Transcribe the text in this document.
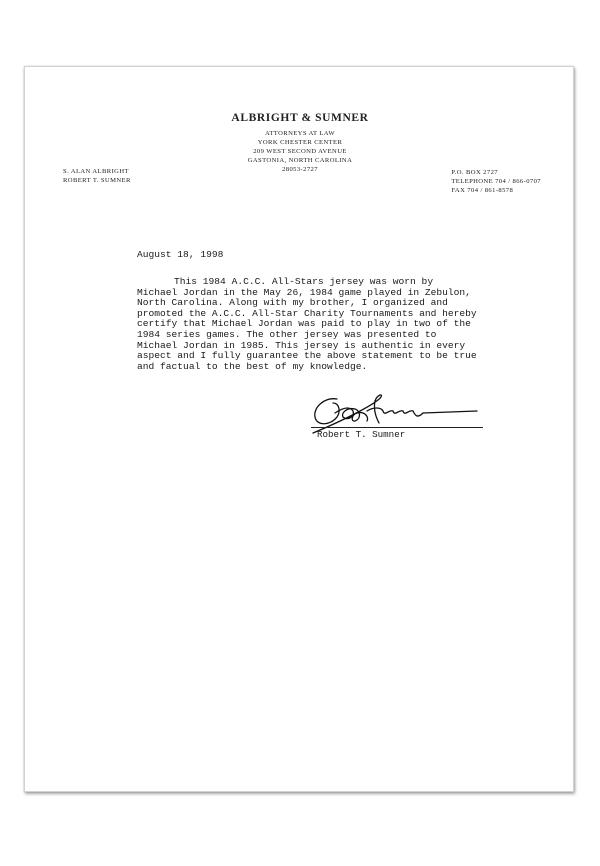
ALBRIGHT & SUMNER
ATTORNEYS AT LAW
YORK CHESTER CENTER
209 WEST SECOND AVENUE
GASTONIA, NORTH CAROLINA
28053-2727
S. ALAN ALBRIGHT
ROBERT T. SUMNER
P.O. BOX 2727
TELEPHONE 704 / 866-0707
FAX 704 / 861-8578
August 18, 1998
This 1984 A.C.C. All-Stars jersey was worn by Michael Jordan in the May 26, 1984 game played in Zebulon, North Carolina. Along with my brother, I organized and promoted the A.C.C. All-Star Charity Tournaments and hereby certify that Michael Jordan was paid to play in two of the 1984 series games. The other jersey was presented to Michael Jordan in 1985. This jersey is authentic in every aspect and I fully guarantee the above statement to be true and factual to the best of my knowledge.
Robert T. Sumner
